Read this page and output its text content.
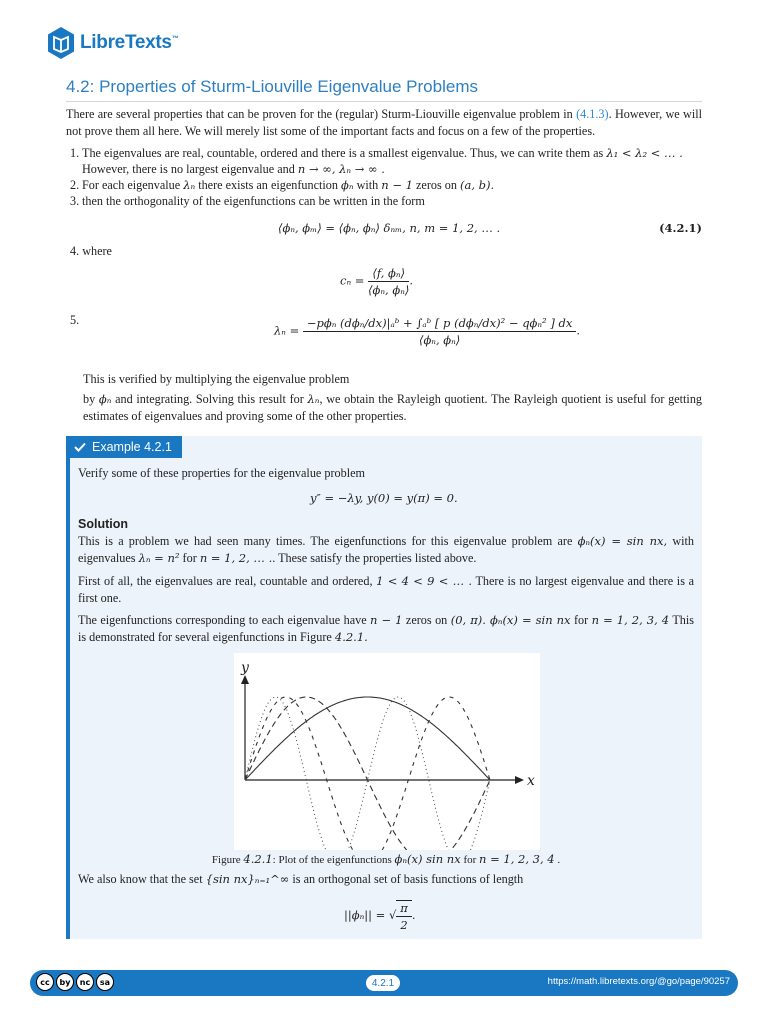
LibreTexts™
4.2: Properties of Sturm-Liouville Eigenvalue Problems
There are several properties that can be proven for the (regular) Sturm-Liouville eigenvalue problem in (4.1.3). However, we will not prove them all here. We will merely list some of the important facts and focus on a few of the properties.
1. The eigenvalues are real, countable, ordered and there is a smallest eigenvalue. Thus, we can write them as λ₁ < λ₂ < … .
However, there is no largest eigenvalue and n → ∞, λₙ → ∞ .
2. For each eigenvalue λₙ there exists an eigenfunction ϕₙ with n − 1 zeros on (a, b).
3. then the orthogonality of the eigenfunctions can be written in the form
⟨ϕₙ, ϕₘ⟩ = ⟨ϕₙ, ϕₙ⟩ δₙₘ, n, m = 1, 2, … .	(4.2.1)
4. where
$c_n = \frac{\text{⟨f, ϕₙ⟩}}{\text{⟨ϕₙ, ϕₙ⟩}}$ .
5.
$\lambda_n = \frac{\text{−pϕₙ (dϕₙ/dx)|ₐᵇ + ∫ₐᵇ [ p (dϕₙ/dx)² − qϕₙ² ] dx}}{\text{⟨ϕₙ, ϕₙ⟩}}$ .
This is verified by multiplying the eigenvalue problem
by ϕₙ and integrating. Solving this result for λₙ, we obtain the Rayleigh quotient. The Rayleigh quotient is useful for getting estimates of eigenvalues and proving some of the other properties.
Example 4.2.1
Verify some of these properties for the eigenvalue problem
y″ = −λy, y(0) = y(π) = 0.
Solution
This is a problem we had seen many times. The eigenfunctions for this eigenvalue problem are ϕₙ(x) = sin nx, with eigenvalues λₙ = n² for n = 1, 2, … .. These satisfy the properties listed above.
First of all, the eigenvalues are real, countable and ordered, 1 < 4 < 9 < … . There is no largest eigenvalue and there is a first one.
The eigenfunctions corresponding to each eigenvalue have n − 1 zeros on (0, π). ϕₙ(x) = sin nx for n = 1, 2, 3, 4 This is demonstrated for several eigenfunctions in Figure 4.2.1.
y
x
Figure 4.2.1: Plot of the eigenfunctions ϕₙ(x) sin nx for n = 1, 2, 3, 4 .
We also know that the set {sin nx}ₙ₌₁^∞ is an orthogonal set of basis functions of length
||ϕₙ|| = √ $\frac{\pi}{2}$ .
cc	by	nc	sa	4.2.1	https://math.libretexts.org/@go/page/90257
